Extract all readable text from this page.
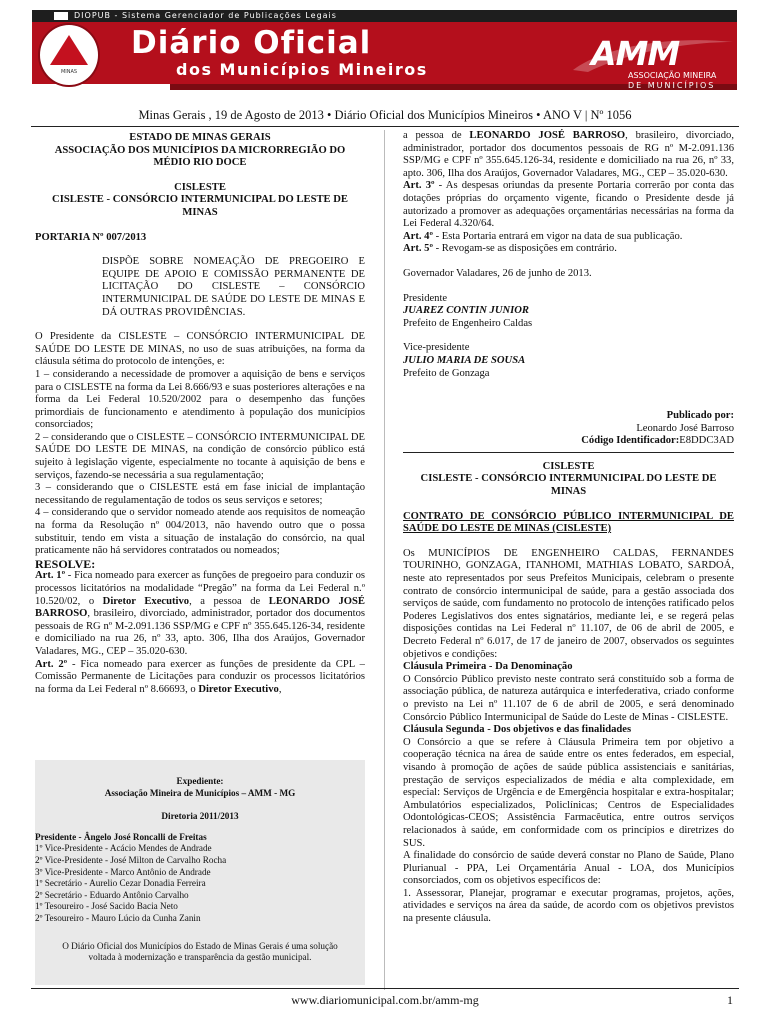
DIOPUB - Sistema Gerenciador de Publicações Legais
MINAS
Diário Oficial
dos Municípios Mineiros	AMM
ASSOCIAÇÃO MINEIRA
DE MUNICÍPIOS
Minas Gerais , 19 de Agosto de 2013 • Diário Oficial dos Municípios Mineiros • ANO V | Nº 1056

ESTADO DE MINAS GERAIS

ASSOCIAÇÃO DOS MUNICÍPIOS DA MICRORREGIÃO DO MÉDIO RIO DOCE

CISLESTE

CISLESTE - CONSÓRCIO INTERMUNICIPAL DO LESTE DE MINAS

PORTARIA Nº 007/2013

DISPÕE SOBRE NOMEAÇÃO DE PREGOEIRO E EQUIPE DE APOIO E COMISSÃO PERMANENTE DE LICITAÇÃO DO CISLESTE – CONSÓRCIO INTERMUNICIPAL DE SAÚDE DO LESTE DE MINAS E DÁ OUTRAS PROVIDÊNCIAS.

O Presidente da CISLESTE – CONSÓRCIO INTERMUNICIPAL DE SAÚDE DO LESTE DE MINAS, no uso de suas atribuições, na forma da cláusula sétima do protocolo de intenções, e:

1 – considerando a necessidade de promover a aquisição de bens e serviços para o CISLESTE na forma da Lei 8.666/93 e suas posteriores alterações e na forma da Lei Federal 10.520/2002 para o desempenho das funções primordiais de funcionamento e atendimento à população dos municípios consorciados;

2 – considerando que o CISLESTE – CONSÓRCIO INTERMUNICIPAL DE SAÚDE DO LESTE DE MINAS, na condição de consórcio público está sujeito à legislação vigente, especialmente no tocante à aquisição de bens e serviços, fazendo-se necessária a sua regulamentação;

3 – considerando que o CISLESTE está em fase inicial de implantação necessitando de regulamentação de todos os seus serviços e setores;

4 – considerando que o servidor nomeado atende aos requisitos de nomeação na forma da Resolução nº 004/2013, não havendo outro que o possa substituir, tendo em vista a situação de instalação do consórcio, na qual praticamente não há servidores contratados ou nomeados;

RESOLVE:

Art. 1º - Fica nomeado para exercer as funções de pregoeiro para conduzir os processos licitatórios na modalidade “Pregão” na forma da Lei Federal n.º 10.520/02, o Diretor Executivo, a pessoa de LEONARDO JOSÉ BARROSO, brasileiro, divorciado, administrador, portador dos documentos pessoais de RG nº M-2.091.136 SSP/MG e CPF nº 355.645.126-34, residente e domiciliado na rua 26, nº 33, apto. 306, Ilha dos Araújos, Governador Valadares, MG., CEP – 35.020-630.

Art. 2º - Fica nomeado para exercer as funções de presidente da CPL – Comissão Permanente de Licitações para conduzir os processos licitatórios na forma da Lei Federal nº 8.66693, o Diretor Executivo,

Expediente:

Associação Mineira de Municípios – AMM - MG

Diretoria 2011/2013

Presidente - Ângelo José Roncalli de Freitas

1º Vice-Presidente - Acácio Mendes de Andrade

2º Vice-Presidente - José Milton de Carvalho Rocha

3º Vice-Presidente - Marco Antônio de Andrade

1º Secretário - Aurelio Cezar Donadia Ferreira

2º Secretário - Eduardo Antônio Carvalho

1º Tesoureiro - José Sacido Bacia Neto

2º Tesoureiro - Mauro Lúcio da Cunha Zanin

O Diário Oficial dos Municípios do Estado de Minas Gerais é uma solução voltada à modernização e transparência da gestão municipal.

a pessoa de LEONARDO JOSÉ BARROSO, brasileiro, divorciado, administrador, portador dos documentos pessoais de RG nº M-2.091.136 SSP/MG e CPF nº 355.645.126-34, residente e domiciliado na rua 26, nº 33, apto. 306, Ilha dos Araújos, Governador Valadares, MG., CEP – 35.020-630.

Art. 3º - As despesas oriundas da presente Portaria correrão por conta das dotações próprias do orçamento vigente, ficando o Presidente desde já autorizado a promover as adequações orçamentárias necessárias na forma da Lei Federal 4.320/64.

Art. 4º - Esta Portaria entrará em vigor na data de sua publicação.

Art. 5º - Revogam-se as disposições em contrário.

Governador Valadares, 26 de junho de 2013.

Presidente

JUAREZ CONTIN JUNIOR

Prefeito de Engenheiro Caldas

Vice-presidente

JULIO MARIA DE SOUSA

Prefeito de Gonzaga

Publicado por:

Leonardo José Barroso

Código Identificador:E8DDC3AD

CISLESTE

CISLESTE - CONSÓRCIO INTERMUNICIPAL DO LESTE DE MINAS

CONTRATO DE CONSÓRCIO PÚBLICO INTERMUNICIPAL DE SAÚDE DO LESTE DE MINAS (CISLESTE)

Os MUNICÍPIOS DE ENGENHEIRO CALDAS, FERNANDES TOURINHO, GONZAGA, ITANHOMI, MATHIAS LOBATO, SARDOÁ, neste ato representados por seus Prefeitos Municipais, celebram o presente contrato de consórcio intermunicipal de saúde, para a gestão associada dos serviços de saúde, com fundamento no protocolo de intenções ratificado pelos Poderes Legislativos dos entes signatários, mediante lei, e se regerá pelas disposições contidas na Lei Federal nº 11.107, de 06 de abril de 2005, e Decreto Federal nº 6.017, de 17 de janeiro de 2007, observados os seguintes objetivos e condições:

Cláusula Primeira - Da Denominação

O Consórcio Público previsto neste contrato será constituído sob a forma de associação pública, de natureza autárquica e interfederativa, criado conforme o previsto na Lei nº 11.107 de 6 de abril de 2005, e será denominado Consórcio Público Intermunicipal de Saúde do Leste de Minas - CISLESTE.

Cláusula Segunda - Dos objetivos e das finalidades

O Consórcio a que se refere à Cláusula Primeira tem por objetivo a cooperação técnica na área de saúde entre os entes federados, em especial, visando à promoção de ações de saúde pública assistenciais e sanitárias, prestação de serviços especializados de média e alta complexidade, em especial: Serviços de Urgência e de Emergência hospitalar e extra-hospitalar; Ambulatórios especializados, Policlínicas; Centros de Especialidades Odontológicas-CEOS; Assistência Farmacêutica, entre outros serviços relacionados à saúde, em conformidade com os princípios e diretrizes do SUS.

A finalidade do consórcio de saúde deverá constar no Plano de Saúde, Plano Plurianual - PPA, Lei Orçamentária Anual - LOA, dos Municípios consorciados, com os objetivos específicos de:

1. Assessorar, Planejar, programar e executar programas, projetos, ações, atividades e serviços na área da saúde, de acordo com os objetivos previstos na presente cláusula.

www.diariomunicipal.com.br/amm-mg	1
